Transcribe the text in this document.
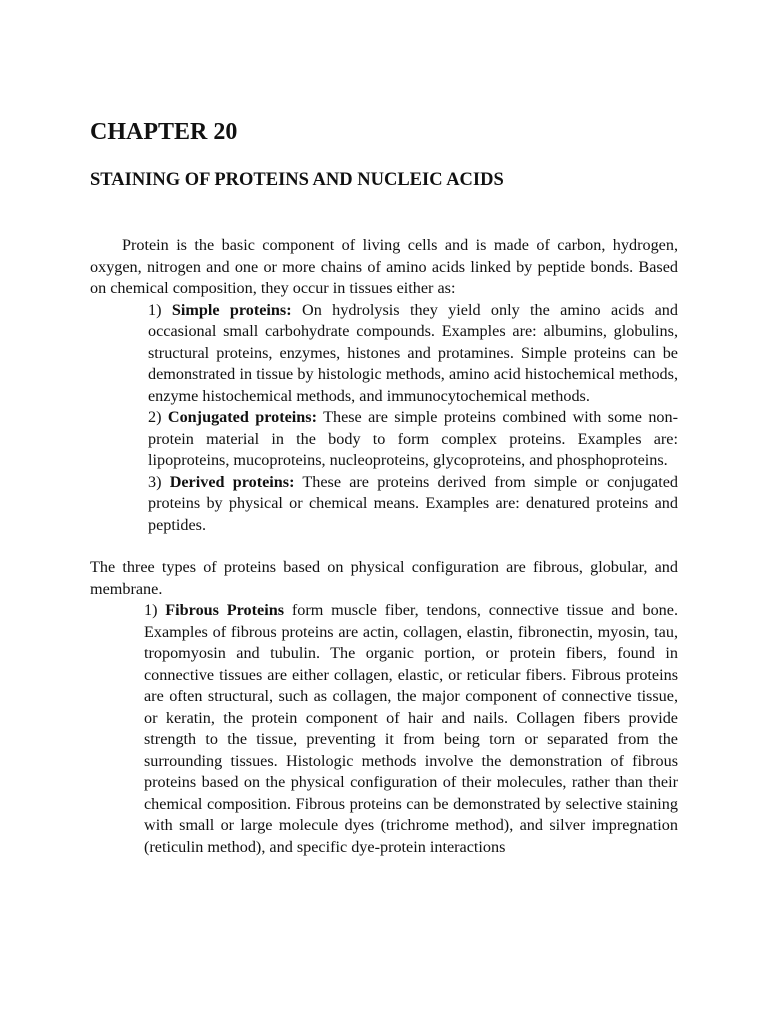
CHAPTER 20
STAINING OF PROTEINS AND NUCLEIC ACIDS

Protein is the basic component of living cells and is made of carbon, hydrogen, oxygen, nitrogen and one or more chains of amino acids linked by peptide bonds. Based on chemical composition, they occur in tissues either as:

1) Simple proteins: On hydrolysis they yield only the amino acids and occasional small carbohydrate compounds. Examples are: albumins, globulins, structural proteins, enzymes, histones and protamines. Simple proteins can be demonstrated in tissue by histologic methods, amino acid histochemical methods, enzyme histochemical methods, and immunocytochemical methods.

2) Conjugated proteins: These are simple proteins combined with some non-protein material in the body to form complex proteins. Examples are: lipoproteins, mucoproteins, nucleoproteins, glycoproteins, and phosphoproteins.

3) Derived proteins: These are proteins derived from simple or conjugated proteins by physical or chemical means. Examples are: denatured proteins and peptides.

The three types of proteins based on physical configuration are fibrous, globular, and membrane.

1) Fibrous Proteins form muscle fiber, tendons, connective tissue and bone. Examples of fibrous proteins are actin, collagen, elastin, fibronectin, myosin, tau, tropomyosin and tubulin. The organic portion, or protein fibers, found in connective tissues are either collagen, elastic, or reticular fibers. Fibrous proteins are often structural, such as collagen, the major component of connective tissue, or keratin, the protein component of hair and nails. Collagen fibers provide strength to the tissue, preventing it from being torn or separated from the surrounding tissues. Histologic methods involve the demonstration of fibrous proteins based on the physical configuration of their molecules, rather than their chemical composition. Fibrous proteins can be demonstrated by selective staining with small or large molecule dyes (trichrome method), and silver impregnation (reticulin method), and specific dye-protein interactions
